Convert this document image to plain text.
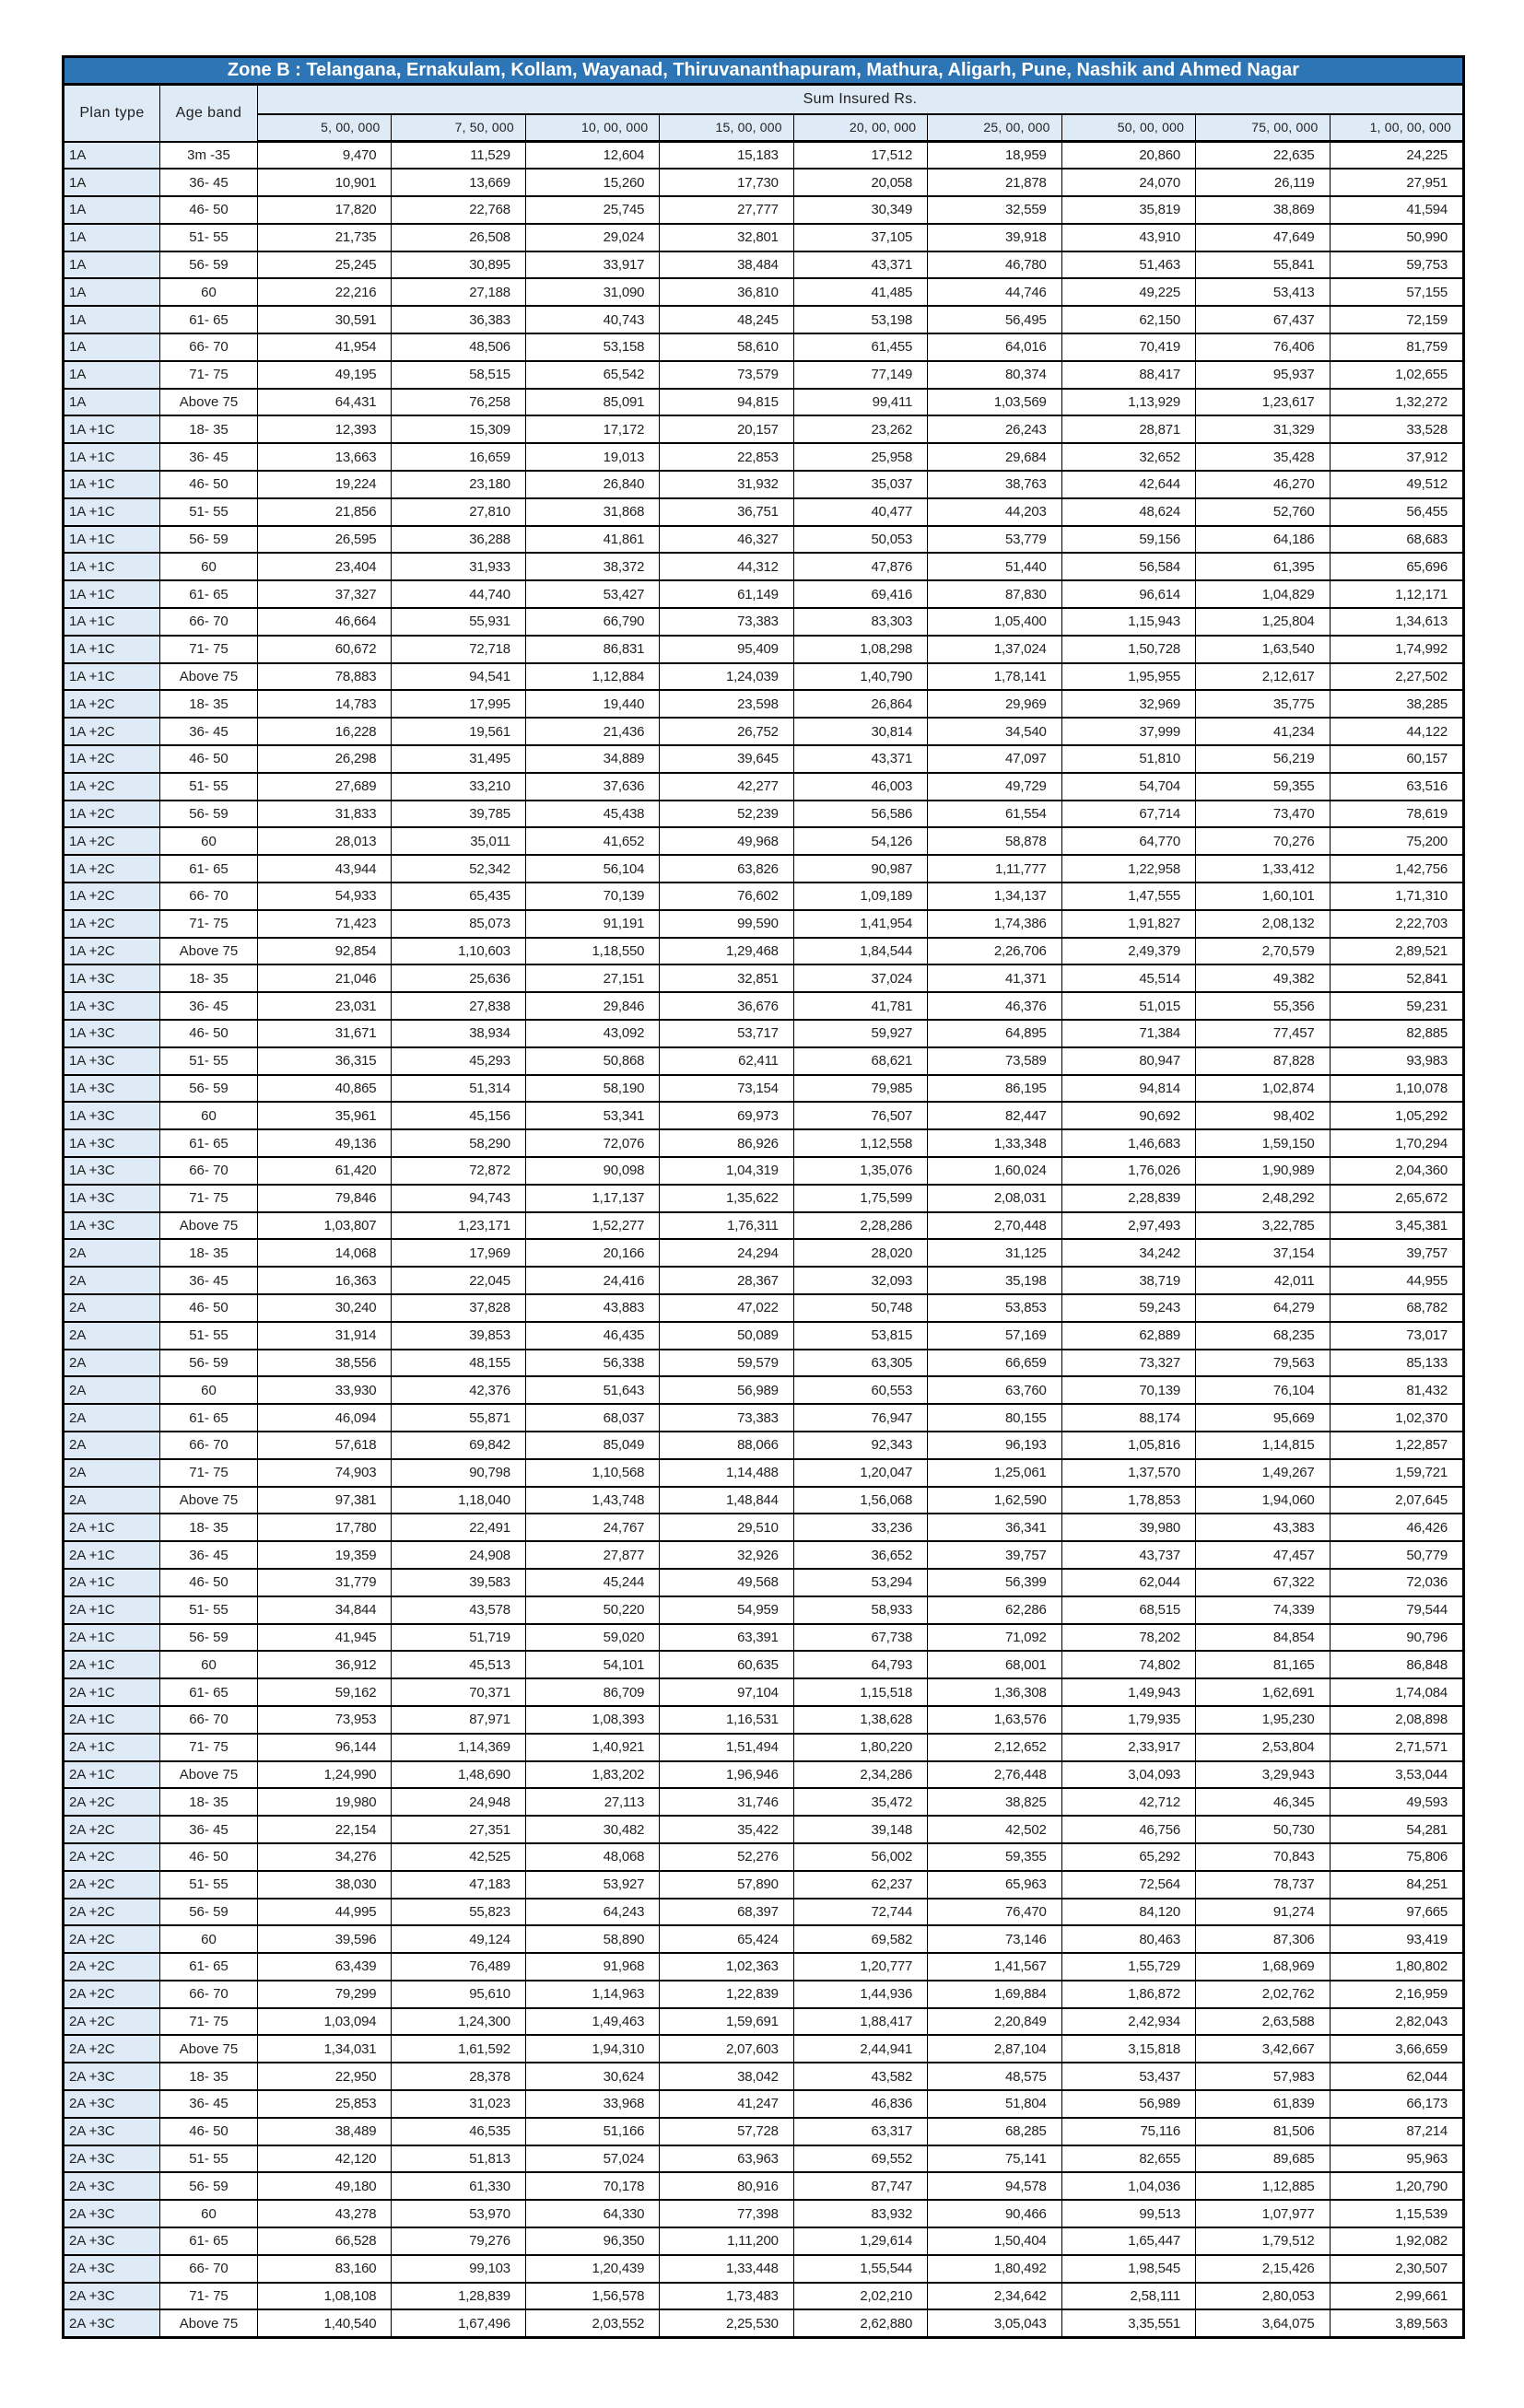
Zone B : Telangana, Ernakulam, Kollam, Wayanad, Thiruvananthapuram, Mathura, Aligarh, Pune, Nashik and Ahmed Nagar										
Plan type	Age band	Sum Insured Rs.								
		5, 00, 000	7, 50, 000	10, 00, 000	15, 00, 000	20, 00, 000	25, 00, 000	50, 00, 000	75, 00, 000	1, 00, 00, 000
1A	3m -35	9,470	11,529	12,604	15,183	17,512	18,959	20,860	22,635	24,225
1A	36- 45	10,901	13,669	15,260	17,730	20,058	21,878	24,070	26,119	27,951
1A	46- 50	17,820	22,768	25,745	27,777	30,349	32,559	35,819	38,869	41,594
1A	51- 55	21,735	26,508	29,024	32,801	37,105	39,918	43,910	47,649	50,990
1A	56- 59	25,245	30,895	33,917	38,484	43,371	46,780	51,463	55,841	59,753
1A	60	22,216	27,188	31,090	36,810	41,485	44,746	49,225	53,413	57,155
1A	61- 65	30,591	36,383	40,743	48,245	53,198	56,495	62,150	67,437	72,159
1A	66- 70	41,954	48,506	53,158	58,610	61,455	64,016	70,419	76,406	81,759
1A	71- 75	49,195	58,515	65,542	73,579	77,149	80,374	88,417	95,937	1,02,655
1A	Above 75	64,431	76,258	85,091	94,815	99,411	1,03,569	1,13,929	1,23,617	1,32,272
1A +1C	18- 35	12,393	15,309	17,172	20,157	23,262	26,243	28,871	31,329	33,528
1A +1C	36- 45	13,663	16,659	19,013	22,853	25,958	29,684	32,652	35,428	37,912
1A +1C	46- 50	19,224	23,180	26,840	31,932	35,037	38,763	42,644	46,270	49,512
1A +1C	51- 55	21,856	27,810	31,868	36,751	40,477	44,203	48,624	52,760	56,455
1A +1C	56- 59	26,595	36,288	41,861	46,327	50,053	53,779	59,156	64,186	68,683
1A +1C	60	23,404	31,933	38,372	44,312	47,876	51,440	56,584	61,395	65,696
1A +1C	61- 65	37,327	44,740	53,427	61,149	69,416	87,830	96,614	1,04,829	1,12,171
1A +1C	66- 70	46,664	55,931	66,790	73,383	83,303	1,05,400	1,15,943	1,25,804	1,34,613
1A +1C	71- 75	60,672	72,718	86,831	95,409	1,08,298	1,37,024	1,50,728	1,63,540	1,74,992
1A +1C	Above 75	78,883	94,541	1,12,884	1,24,039	1,40,790	1,78,141	1,95,955	2,12,617	2,27,502
1A +2C	18- 35	14,783	17,995	19,440	23,598	26,864	29,969	32,969	35,775	38,285
1A +2C	36- 45	16,228	19,561	21,436	26,752	30,814	34,540	37,999	41,234	44,122
1A +2C	46- 50	26,298	31,495	34,889	39,645	43,371	47,097	51,810	56,219	60,157
1A +2C	51- 55	27,689	33,210	37,636	42,277	46,003	49,729	54,704	59,355	63,516
1A +2C	56- 59	31,833	39,785	45,438	52,239	56,586	61,554	67,714	73,470	78,619
1A +2C	60	28,013	35,011	41,652	49,968	54,126	58,878	64,770	70,276	75,200
1A +2C	61- 65	43,944	52,342	56,104	63,826	90,987	1,11,777	1,22,958	1,33,412	1,42,756
1A +2C	66- 70	54,933	65,435	70,139	76,602	1,09,189	1,34,137	1,47,555	1,60,101	1,71,310
1A +2C	71- 75	71,423	85,073	91,191	99,590	1,41,954	1,74,386	1,91,827	2,08,132	2,22,703
1A +2C	Above 75	92,854	1,10,603	1,18,550	1,29,468	1,84,544	2,26,706	2,49,379	2,70,579	2,89,521
1A +3C	18- 35	21,046	25,636	27,151	32,851	37,024	41,371	45,514	49,382	52,841
1A +3C	36- 45	23,031	27,838	29,846	36,676	41,781	46,376	51,015	55,356	59,231
1A +3C	46- 50	31,671	38,934	43,092	53,717	59,927	64,895	71,384	77,457	82,885
1A +3C	51- 55	36,315	45,293	50,868	62,411	68,621	73,589	80,947	87,828	93,983
1A +3C	56- 59	40,865	51,314	58,190	73,154	79,985	86,195	94,814	1,02,874	1,10,078
1A +3C	60	35,961	45,156	53,341	69,973	76,507	82,447	90,692	98,402	1,05,292
1A +3C	61- 65	49,136	58,290	72,076	86,926	1,12,558	1,33,348	1,46,683	1,59,150	1,70,294
1A +3C	66- 70	61,420	72,872	90,098	1,04,319	1,35,076	1,60,024	1,76,026	1,90,989	2,04,360
1A +3C	71- 75	79,846	94,743	1,17,137	1,35,622	1,75,599	2,08,031	2,28,839	2,48,292	2,65,672
1A +3C	Above 75	1,03,807	1,23,171	1,52,277	1,76,311	2,28,286	2,70,448	2,97,493	3,22,785	3,45,381
2A	18- 35	14,068	17,969	20,166	24,294	28,020	31,125	34,242	37,154	39,757
2A	36- 45	16,363	22,045	24,416	28,367	32,093	35,198	38,719	42,011	44,955
2A	46- 50	30,240	37,828	43,883	47,022	50,748	53,853	59,243	64,279	68,782
2A	51- 55	31,914	39,853	46,435	50,089	53,815	57,169	62,889	68,235	73,017
2A	56- 59	38,556	48,155	56,338	59,579	63,305	66,659	73,327	79,563	85,133
2A	60	33,930	42,376	51,643	56,989	60,553	63,760	70,139	76,104	81,432
2A	61- 65	46,094	55,871	68,037	73,383	76,947	80,155	88,174	95,669	1,02,370
2A	66- 70	57,618	69,842	85,049	88,066	92,343	96,193	1,05,816	1,14,815	1,22,857
2A	71- 75	74,903	90,798	1,10,568	1,14,488	1,20,047	1,25,061	1,37,570	1,49,267	1,59,721
2A	Above 75	97,381	1,18,040	1,43,748	1,48,844	1,56,068	1,62,590	1,78,853	1,94,060	2,07,645
2A +1C	18- 35	17,780	22,491	24,767	29,510	33,236	36,341	39,980	43,383	46,426
2A +1C	36- 45	19,359	24,908	27,877	32,926	36,652	39,757	43,737	47,457	50,779
2A +1C	46- 50	31,779	39,583	45,244	49,568	53,294	56,399	62,044	67,322	72,036
2A +1C	51- 55	34,844	43,578	50,220	54,959	58,933	62,286	68,515	74,339	79,544
2A +1C	56- 59	41,945	51,719	59,020	63,391	67,738	71,092	78,202	84,854	90,796
2A +1C	60	36,912	45,513	54,101	60,635	64,793	68,001	74,802	81,165	86,848
2A +1C	61- 65	59,162	70,371	86,709	97,104	1,15,518	1,36,308	1,49,943	1,62,691	1,74,084
2A +1C	66- 70	73,953	87,971	1,08,393	1,16,531	1,38,628	1,63,576	1,79,935	1,95,230	2,08,898
2A +1C	71- 75	96,144	1,14,369	1,40,921	1,51,494	1,80,220	2,12,652	2,33,917	2,53,804	2,71,571
2A +1C	Above 75	1,24,990	1,48,690	1,83,202	1,96,946	2,34,286	2,76,448	3,04,093	3,29,943	3,53,044
2A +2C	18- 35	19,980	24,948	27,113	31,746	35,472	38,825	42,712	46,345	49,593
2A +2C	36- 45	22,154	27,351	30,482	35,422	39,148	42,502	46,756	50,730	54,281
2A +2C	46- 50	34,276	42,525	48,068	52,276	56,002	59,355	65,292	70,843	75,806
2A +2C	51- 55	38,030	47,183	53,927	57,890	62,237	65,963	72,564	78,737	84,251
2A +2C	56- 59	44,995	55,823	64,243	68,397	72,744	76,470	84,120	91,274	97,665
2A +2C	60	39,596	49,124	58,890	65,424	69,582	73,146	80,463	87,306	93,419
2A +2C	61- 65	63,439	76,489	91,968	1,02,363	1,20,777	1,41,567	1,55,729	1,68,969	1,80,802
2A +2C	66- 70	79,299	95,610	1,14,963	1,22,839	1,44,936	1,69,884	1,86,872	2,02,762	2,16,959
2A +2C	71- 75	1,03,094	1,24,300	1,49,463	1,59,691	1,88,417	2,20,849	2,42,934	2,63,588	2,82,043
2A +2C	Above 75	1,34,031	1,61,592	1,94,310	2,07,603	2,44,941	2,87,104	3,15,818	3,42,667	3,66,659
2A +3C	18- 35	22,950	28,378	30,624	38,042	43,582	48,575	53,437	57,983	62,044
2A +3C	36- 45	25,853	31,023	33,968	41,247	46,836	51,804	56,989	61,839	66,173
2A +3C	46- 50	38,489	46,535	51,166	57,728	63,317	68,285	75,116	81,506	87,214
2A +3C	51- 55	42,120	51,813	57,024	63,963	69,552	75,141	82,655	89,685	95,963
2A +3C	56- 59	49,180	61,330	70,178	80,916	87,747	94,578	1,04,036	1,12,885	1,20,790
2A +3C	60	43,278	53,970	64,330	77,398	83,932	90,466	99,513	1,07,977	1,15,539
2A +3C	61- 65	66,528	79,276	96,350	1,11,200	1,29,614	1,50,404	1,65,447	1,79,512	1,92,082
2A +3C	66- 70	83,160	99,103	1,20,439	1,33,448	1,55,544	1,80,492	1,98,545	2,15,426	2,30,507
2A +3C	71- 75	1,08,108	1,28,839	1,56,578	1,73,483	2,02,210	2,34,642	2,58,111	2,80,053	2,99,661
2A +3C	Above 75	1,40,540	1,67,496	2,03,552	2,25,530	2,62,880	3,05,043	3,35,551	3,64,075	3,89,563
